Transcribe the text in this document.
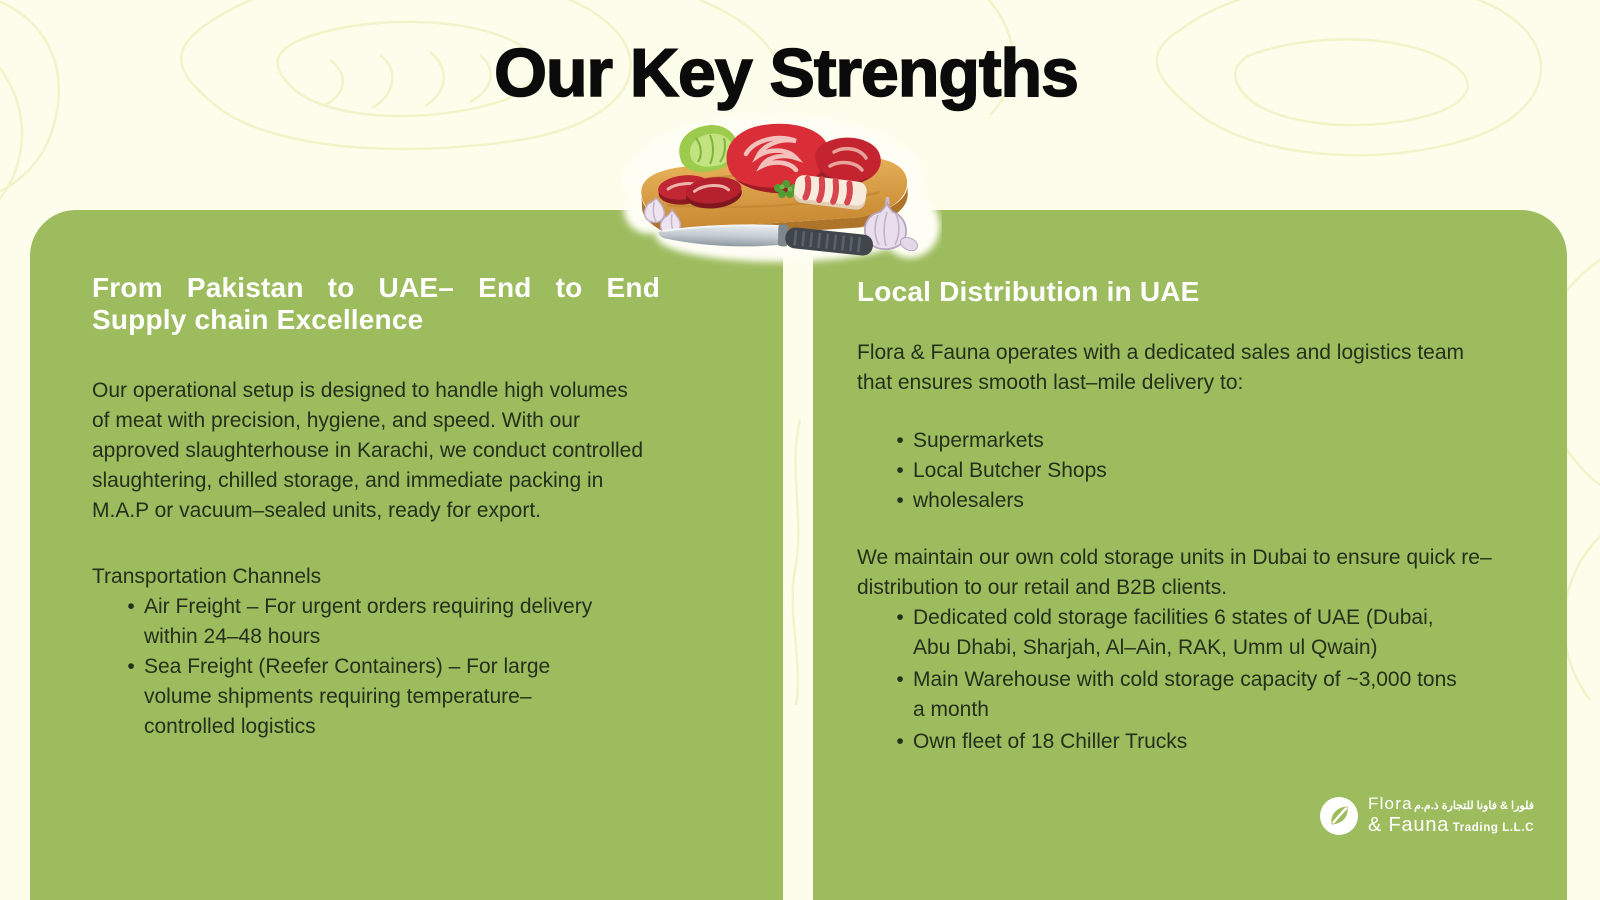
Our Key Strengths
From Pakistan to UAE– End to End Supply chain Excellence
Our operational setup is designed to handle high volumes of meat with precision, hygiene, and speed. With our approved slaughterhouse in Karachi, we conduct controlled slaughtering, chilled storage, and immediate packing in M.A.P or vacuum–sealed units, ready for export.
Transportation Channels
• Air Freight – For urgent orders requiring delivery within 24–48 hours
• Sea Freight (Reefer Containers) – For large volume shipments requiring temperature–controlled logistics
Local Distribution in UAE
Flora & Fauna operates with a dedicated sales and logistics team that ensures smooth last–mile delivery to:
• Supermarkets
• Local Butcher Shops
• wholesalers
We maintain our own cold storage units in Dubai to ensure quick re–distribution to our retail and B2B clients.
• Dedicated cold storage facilities 6 states of UAE (Dubai, Abu Dhabi, Sharjah, Al–Ain, RAK, Umm ul Qwain)
• Main Warehouse with cold storage capacity of ~3,000 tons a month
• Own fleet of 18 Chiller Trucks
Flora فلورا & فاونا للتجارة ذ.م.م
& Fauna Trading L.L.C
